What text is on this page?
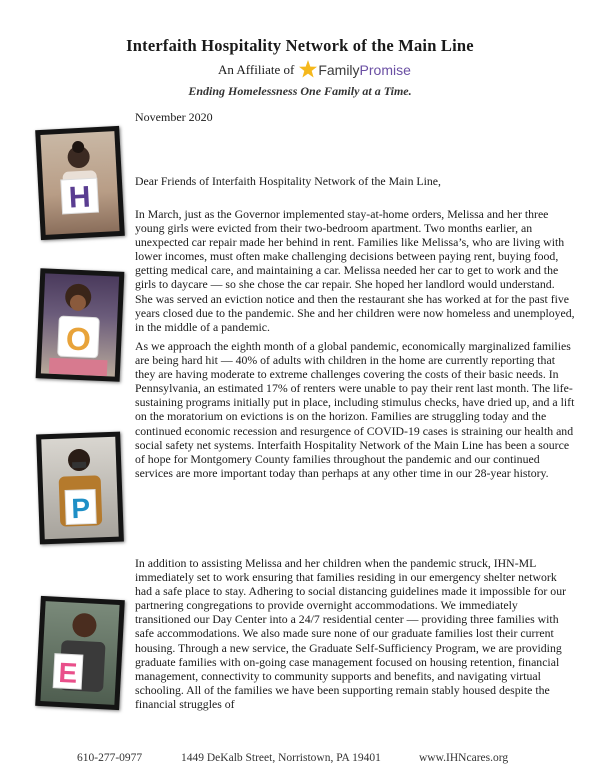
Interfaith Hospitality Network of the Main Line
An Affiliate of Family Promise
Ending Homelessness One Family at a Time.
November 2020
H
O
P
E
Dear Friends of Interfaith Hospitality Network of the Main Line,

In March, just as the Governor implemented stay-at-home orders, Melissa and her three young girls were evicted from their two-bedroom apartment. Two months earlier, an unexpected car repair made her behind in rent. Families like Melissa’s, who are living with lower incomes, must often make challenging decisions between paying rent, buying food, getting medical care, and maintaining a car. Melissa needed her car to get to work and the girls to daycare — so she chose the car repair. She hoped her landlord would understand. She was served an eviction notice and then the restaurant she has worked at for the past five years closed due to the pandemic. She and her children were now homeless and unemployed, in the middle of a pandemic.

As we approach the eighth month of a global pandemic, economically marginalized families are being hard hit — 40% of adults with children in the home are currently reporting that they are having moderate to extreme challenges covering the costs of their basic needs. In Pennsylvania, an estimated 17% of renters were unable to pay their rent last month. The life-sustaining programs initially put in place, including stimulus checks, have dried up, and a lift on the moratorium on evictions is on the horizon. Families are struggling today and the continued economic recession and resurgence of COVID-19 cases is straining our health and social safety net systems. Interfaith Hospitality Network of the Main Line has been a source of hope for Montgomery County families throughout the pandemic and our continued services are more important today than perhaps at any other time in our 28-year history.

In addition to assisting Melissa and her children when the pandemic struck, IHN-ML immediately set to work ensuring that families residing in our emergency shelter network had a safe place to stay. Adhering to social distancing guidelines made it impossible for our partnering congregations to provide overnight accommodations. We immediately transitioned our Day Center into a 24/7 residential center — providing three families with safe accommodations. We also made sure none of our graduate families lost their current housing. Through a new service, the Graduate Self-Sufficiency Program, we are providing graduate families with on-going case management focused on housing retention, financial management, connectivity to community supports and benefits, and navigating virtual schooling. All of the families we have been supporting remain stably housed despite the financial struggles of

610-277-0977	1449 DeKalb Street, Norristown, PA 19401	www.IHNcares.org
